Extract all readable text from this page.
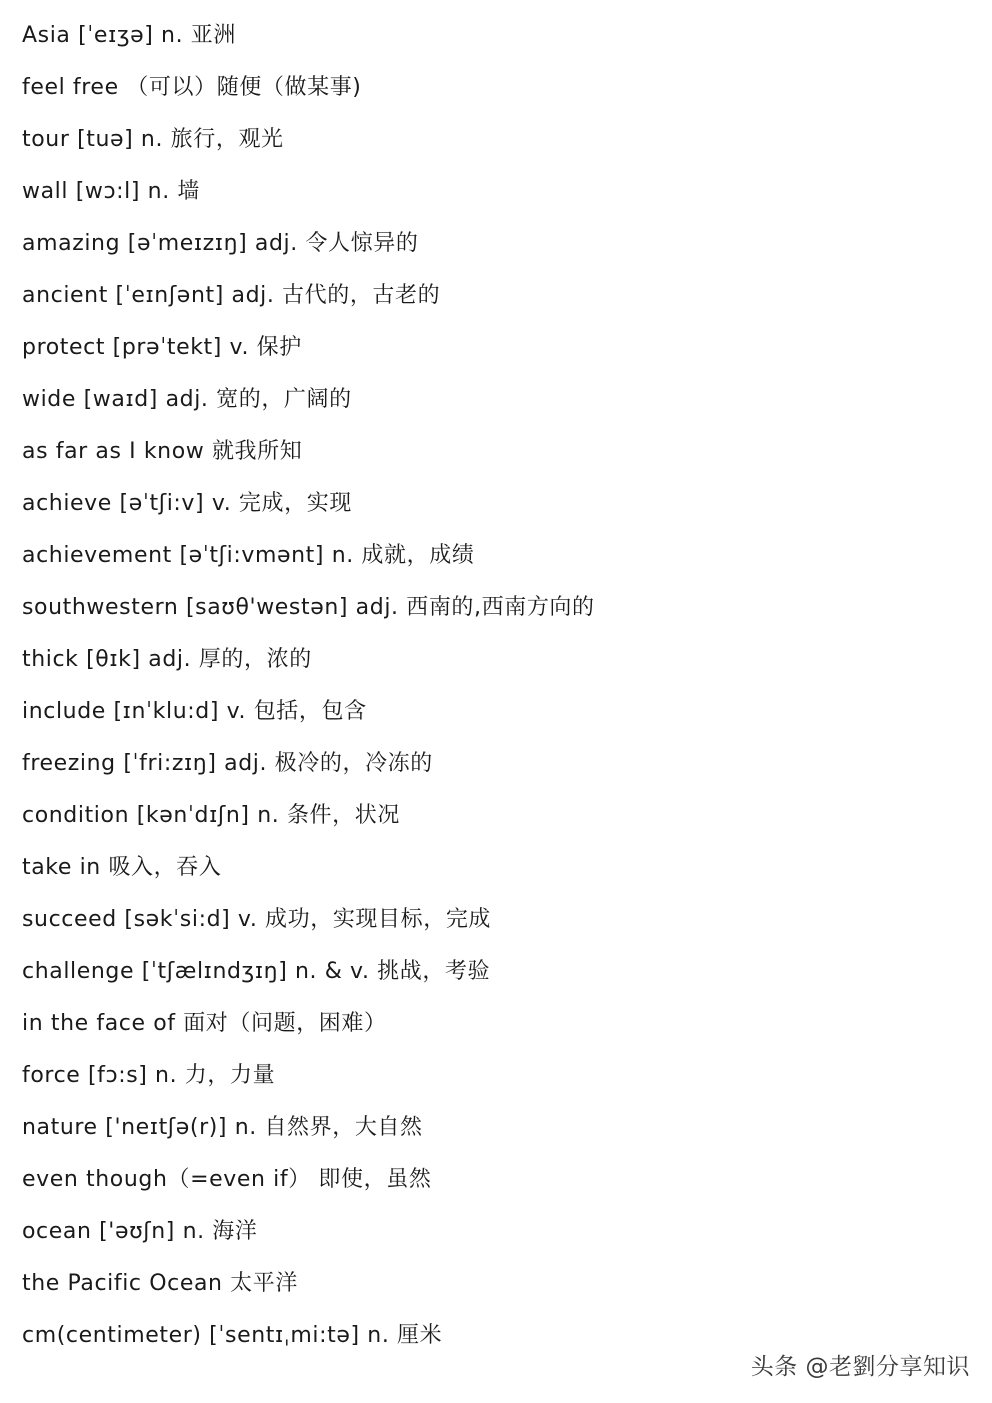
Asia [ˈeɪʒə] n. 亚洲
feel free （可以）随便（做某事)
tour [tuə] n. 旅行，观光
wall [wɔ:l] n. 墙
amazing [əˈmeɪzɪŋ] adj. 令人惊异的
ancient [ˈeɪnʃənt] adj. 古代的，古老的
protect [prəˈtekt] v. 保护
wide [waɪd] adj. 宽的，广阔的
as far as I know 就我所知
achieve [əˈtʃi:v] v. 完成，实现
achievement [əˈtʃi:vmənt] n. 成就，成绩
southwestern [saʊθ'westən] adj. 西南的,西南方向的
thick [θɪk] adj. 厚的，浓的
include [ɪnˈklu:d] v. 包括，包含
freezing [ˈfri:zɪŋ] adj. 极冷的，冷冻的
condition [kənˈdɪʃn] n. 条件，状况
take in 吸入，吞入
succeed [səkˈsi:d] v. 成功，实现目标，完成
challenge [ˈtʃælɪndʒɪŋ] n. & v. 挑战，考验
in the face of 面对（问题，困难）
force [fɔ:s] n. 力，力量
nature ['neɪtʃə(r)] n. 自然界，大自然
even though（=even if） 即使，虽然
ocean ['əʊʃn] n. 海洋
the Pacific Ocean 太平洋
cm(centimeter) [ˈsentɪˌmi:tə] n. 厘米
头条 @老劉分享知识
